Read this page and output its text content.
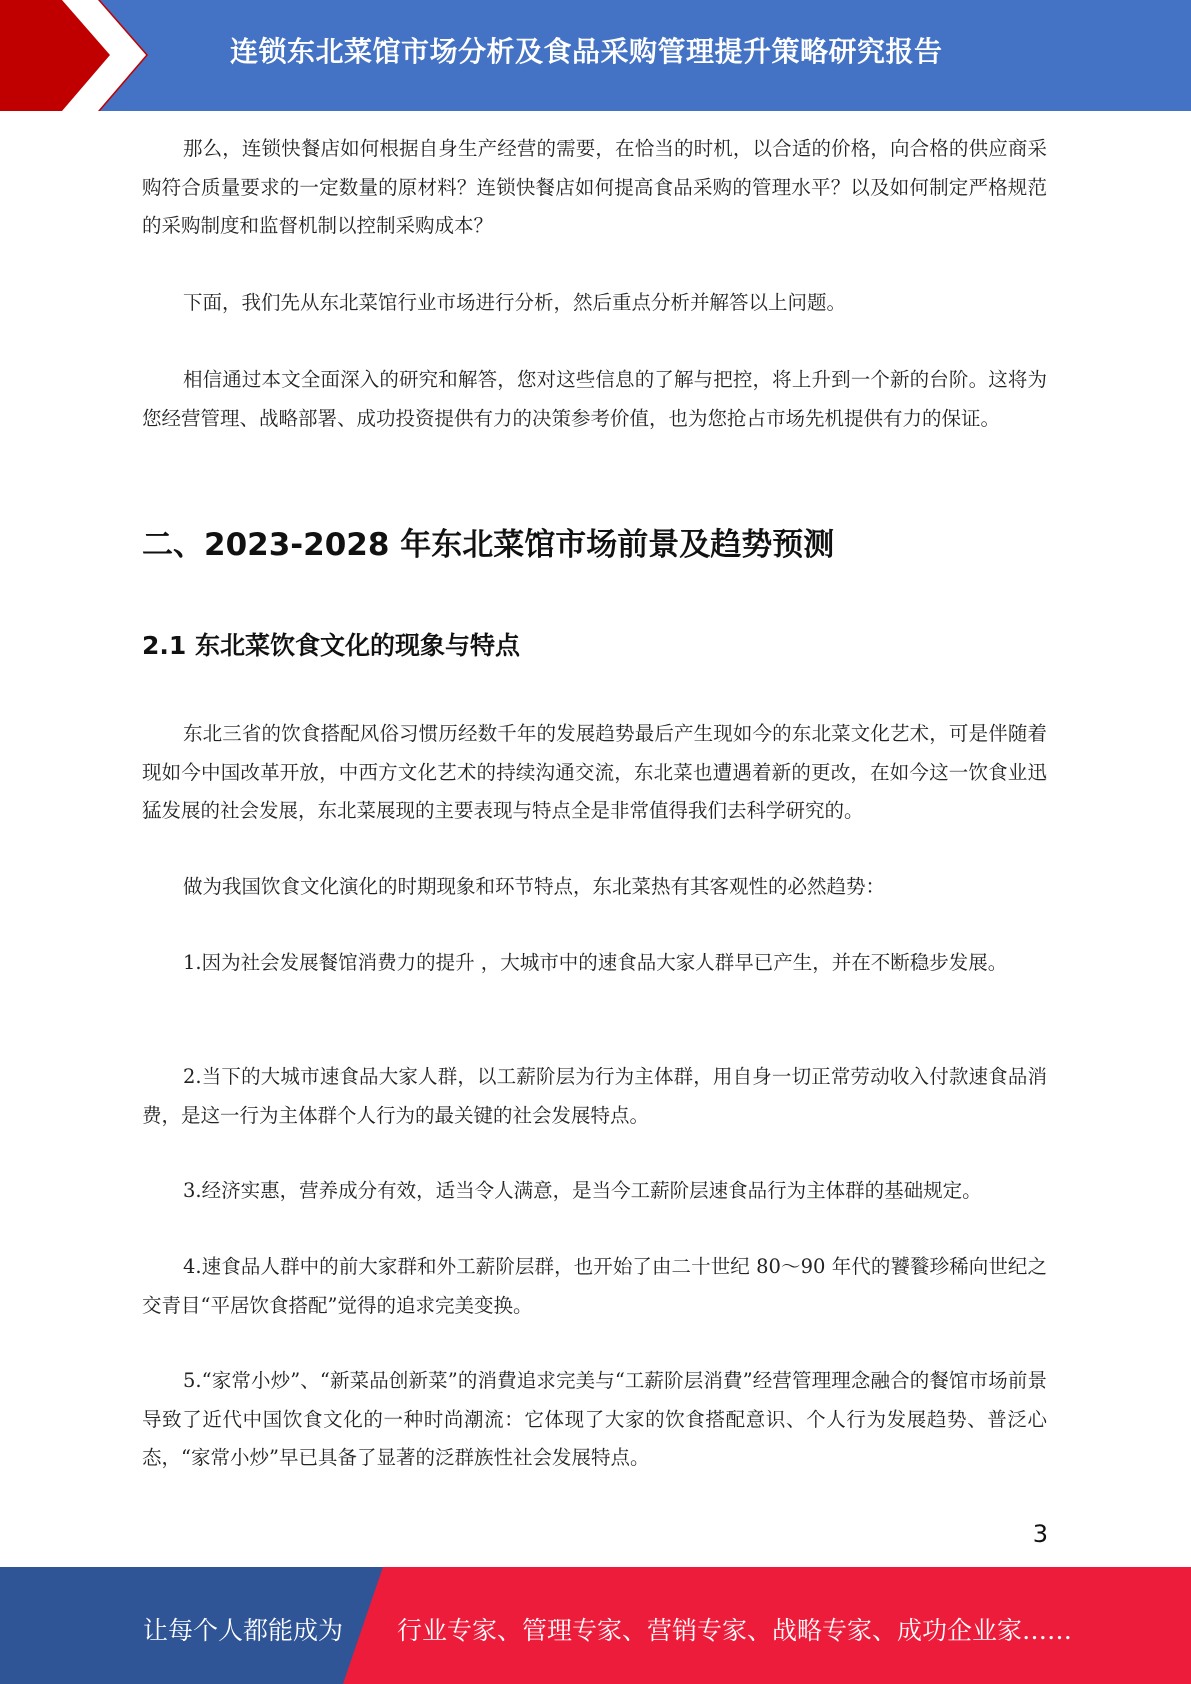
连锁东北菜馆市场分析及食品采购管理提升策略研究报告

那么，连锁快餐店如何根据自身生产经营的需要，在恰当的时机，以合适的价格，向合格的供应商采购符合质量要求的一定数量的原材料？连锁快餐店如何提高食品采购的管理水平？以及如何制定严格规范的采购制度和监督机制以控制采购成本？

下面，我们先从东北菜馆行业市场进行分析，然后重点分析并解答以上问题。

相信通过本文全面深入的研究和解答，您对这些信息的了解与把控，将上升到一个新的台阶。这将为您经营管理、战略部署、成功投资提供有力的决策参考价值，也为您抢占市场先机提供有力的保证。

二、2023-2028 年东北菜馆市场前景及趋势预测
2.1 东北菜饮食文化的现象与特点

东北三省的饮食搭配风俗习惯历经数千年的发展趋势最后产生现如今的东北菜文化艺术，可是伴随着现如今中国改革开放，中西方文化艺术的持续沟通交流，东北菜也遭遇着新的更改，在如今这一饮食业迅猛发展的社会发展，东北菜展现的主要表现与特点全是非常值得我们去科学研究的。

做为我国饮食文化演化的时期现象和环节特点，东北菜热有其客观性的必然趋势：

1.因为社会发展餐馆消费力的提升 ，大城市中的速食品大家人群早已产生，并在不断稳步发展。

2.当下的大城市速食品大家人群，以工薪阶层为行为主体群，用自身一切正常劳动收入付款速食品消费，是这一行为主体群个人行为的最关键的社会发展特点。

3.经济实惠，营养成分有效，适当令人满意，是当今工薪阶层速食品行为主体群的基础规定。

4.速食品人群中的前大家群和外工薪阶层群，也开始了由二十世纪 80～90 年代的饕餮珍稀向世纪之交青目“平居饮食搭配”觉得的追求完美变换。

5.“家常小炒”、“新菜品创新菜”的消費追求完美与“工薪阶层消費”经营管理理念融合的餐馆市场前景导致了近代中国饮食文化的一种时尚潮流：它体现了大家的饮食搭配意识、个人行为发展趋势、普泛心态，“家常小炒”早已具备了显著的泛群族性社会发展特点。

3
让每个人都能成为 行业专家、管理专家、营销专家、战略专家、成功企业家……
